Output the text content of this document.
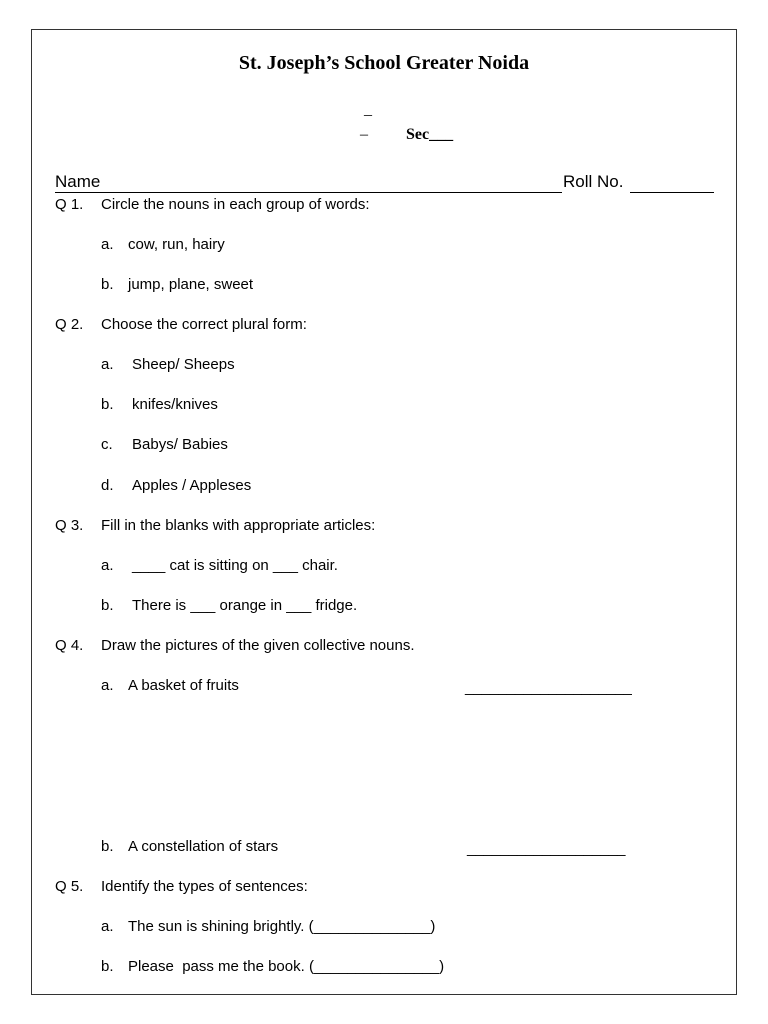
St. Joseph’s School Greater Noida
_
– Sec___
Name	Roll No.
Q 1. Circle the nouns in each group of words:
a. cow, run, hairy
b. jump, plane, sweet
Q 2. Choose the correct plural form:
a. Sheep/ Sheeps
b. knifes/knives
c. Babys/ Babies
d. Apples / Appleses
Q 3. Fill in the blanks with appropriate articles:
a. ____ cat is sitting on ___ chair.
b. There is ___ orange in ___ fridge.
Q 4. Draw the pictures of the given collective nouns.
a. A basket of fruits	____________________
b. A constellation of stars	___________________
Q 5. Identify the types of sentences:
a. The sun is shining brightly. (______________)
b. Please  pass me the book. (_______________)
